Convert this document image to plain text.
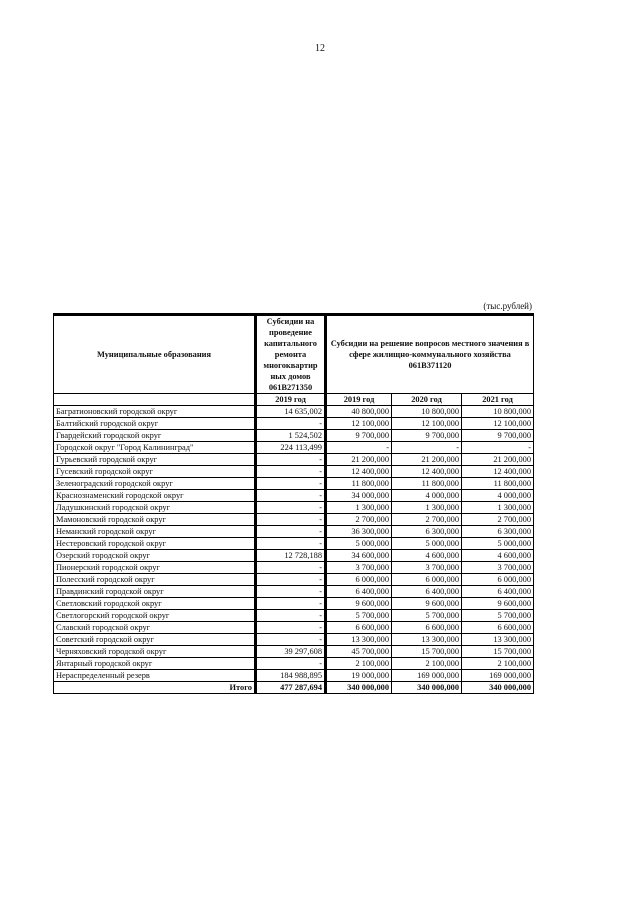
12
(тыс.рублей)
Муниципальные образования	Субсидии на проведение капитального ремонта многоквартир ных домов 061В271350	Субсидии на решение вопросов местного значения в сфере жилищно-коммунального хозяйства 061В371120		
	2019 год	2019 год	2020 год	2021 год
Багратионовский городской округ	14 635,002	40 800,000	10 800,000	10 800,000
Балтийский городской округ	-	12 100,000	12 100,000	12 100,000
Гвардейский городской округ	1 524,502	9 700,000	9 700,000	9 700,000
Городской округ "Город Калининград"	224 113,499	-	-	-
Гурьевский городской округ	-	21 200,000	21 200,000	21 200,000
Гусевский городской округ	-	12 400,000	12 400,000	12 400,000
Зеленоградский городской округ	-	11 800,000	11 800,000	11 800,000
Краснознаменский городской округ	-	34 000,000	4 000,000	4 000,000
Ладушкинский городской округ	-	1 300,000	1 300,000	1 300,000
Мамоновский городской округ	-	2 700,000	2 700,000	2 700,000
Неманский городской округ	-	36 300,000	6 300,000	6 300,000
Нестеровский городской округ	-	5 000,000	5 000,000	5 000,000
Озерский городской округ	12 728,188	34 600,000	4 600,000	4 600,000
Пионерский городской округ	-	3 700,000	3 700,000	3 700,000
Полесский городской округ	-	6 000,000	6 000,000	6 000,000
Правдинский городской округ	-	6 400,000	6 400,000	6 400,000
Светловский городской округ	-	9 600,000	9 600,000	9 600,000
Светлогорский городской округ	-	5 700,000	5 700,000	5 700,000
Славский городской округ	-	6 600,000	6 600,000	6 600,000
Советский городской округ	-	13 300,000	13 300,000	13 300,000
Черняховский городской округ	39 297,608	45 700,000	15 700,000	15 700,000
Янтарный городской округ	-	2 100,000	2 100,000	2 100,000
Нераспределенный резерв	184 988,895	19 000,000	169 000,000	169 000,000
Итого	477 287,694	340 000,000	340 000,000	340 000,000
